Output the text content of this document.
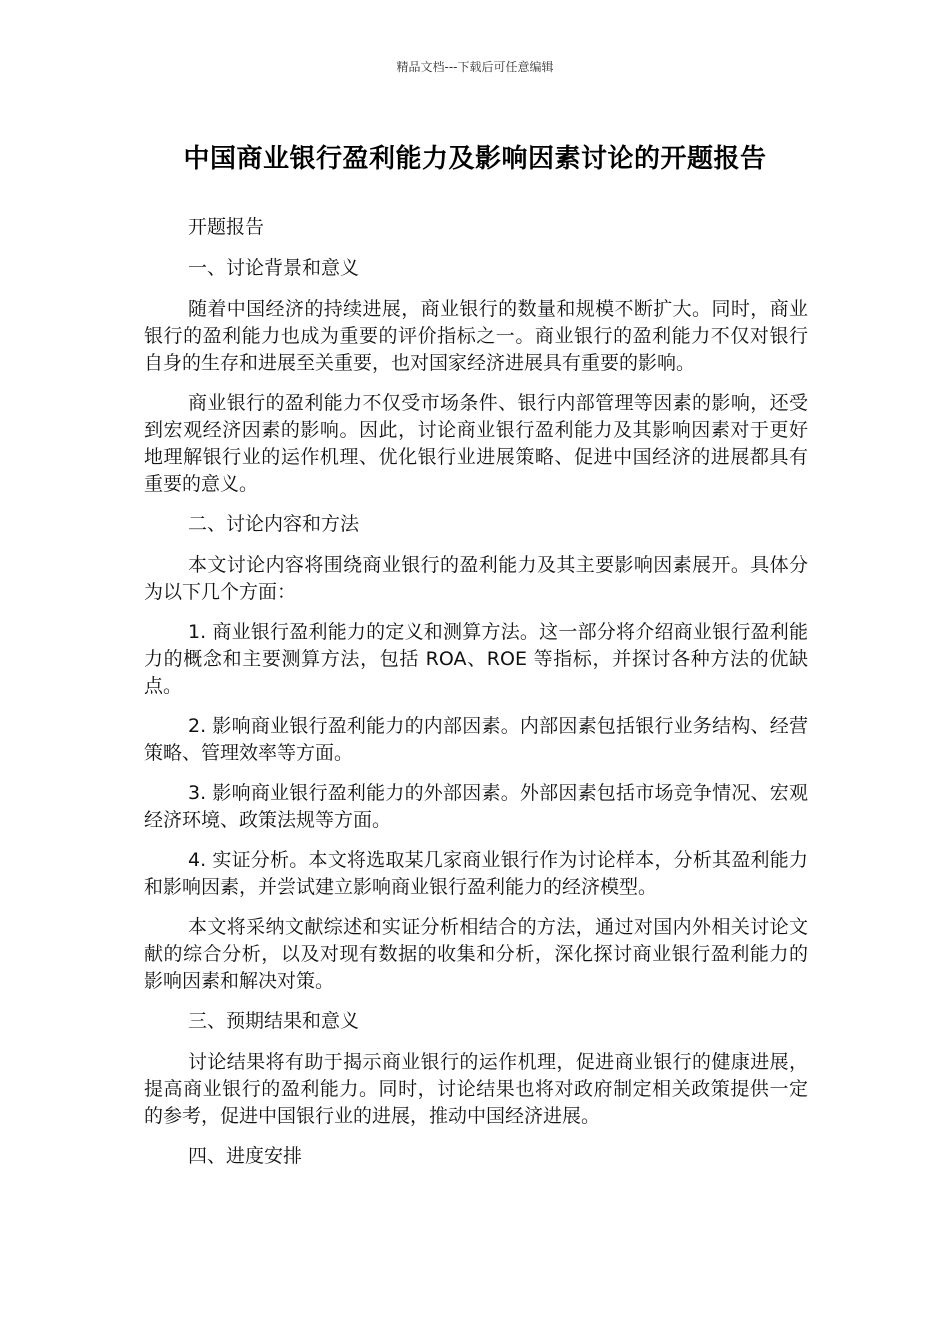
精品文档---下载后可任意编辑
中国商业银行盈利能力及影响因素讨论的开题报告

开题报告

一、讨论背景和意义

随着中国经济的持续进展，商业银行的数量和规模不断扩大。同时，商业银行的盈利能力也成为重要的评价指标之一。商业银行的盈利能力不仅对银行自身的生存和进展至关重要，也对国家经济进展具有重要的影响。

商业银行的盈利能力不仅受市场条件、银行内部管理等因素的影响，还受到宏观经济因素的影响。因此，讨论商业银行盈利能力及其影响因素对于更好地理解银行业的运作机理、优化银行业进展策略、促进中国经济的进展都具有重要的意义。

二、讨论内容和方法

本文讨论内容将围绕商业银行的盈利能力及其主要影响因素展开。具体分为以下几个方面：

1. 商业银行盈利能力的定义和测算方法。这一部分将介绍商业银行盈利能力的概念和主要测算方法，包括 ROA、ROE 等指标，并探讨各种方法的优缺点。

2. 影响商业银行盈利能力的内部因素。内部因素包括银行业务结构、经营策略、管理效率等方面。

3. 影响商业银行盈利能力的外部因素。外部因素包括市场竞争情况、宏观经济环境、政策法规等方面。

4. 实证分析。本文将选取某几家商业银行作为讨论样本，分析其盈利能力和影响因素，并尝试建立影响商业银行盈利能力的经济模型。

本文将采纳文献综述和实证分析相结合的方法，通过对国内外相关讨论文献的综合分析，以及对现有数据的收集和分析，深化探讨商业银行盈利能力的影响因素和解决对策。

三、预期结果和意义

讨论结果将有助于揭示商业银行的运作机理，促进商业银行的健康进展，提高商业银行的盈利能力。同时，讨论结果也将对政府制定相关政策提供一定的参考，促进中国银行业的进展，推动中国经济进展。

四、进度安排
